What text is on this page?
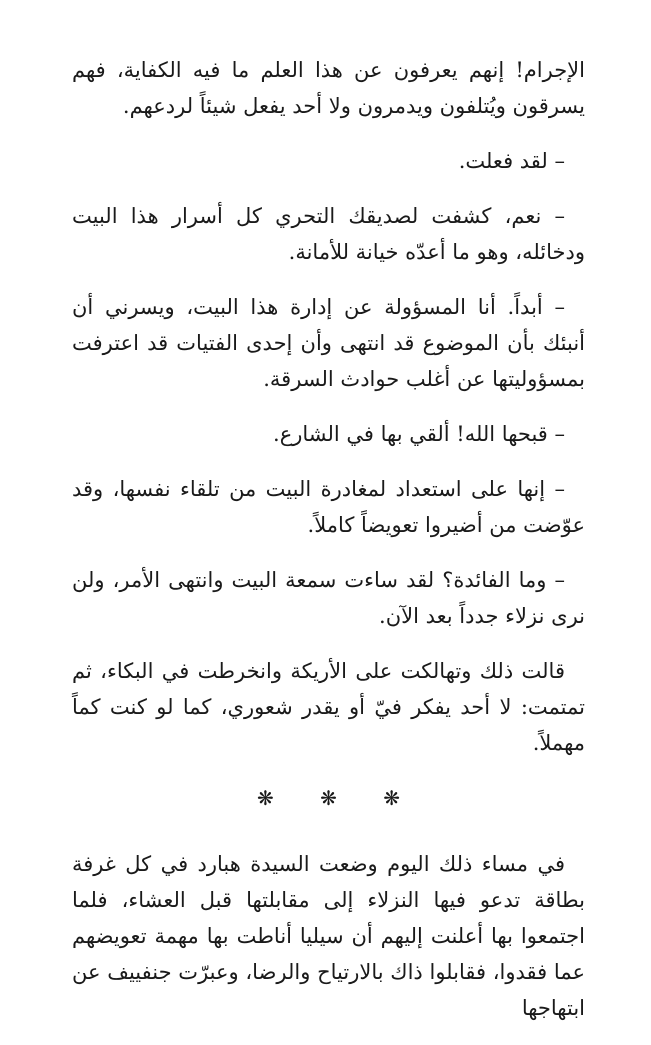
الإجرام! إنهم يعرفون عن هذا العلم ما فيه الكفاية، فهم يسرقون ويُتلفون ويدمرون ولا أحد يفعل شيئاً لردعهم.

– لقد فعلت.

– نعم، كشفت لصديقك التحري كل أسرار هذا البيت ودخائله، وهو ما أعدّه خيانة للأمانة.

– أبداً. أنا المسؤولة عن إدارة هذا البيت، ويسرني أن أنبئك بأن الموضوع قد انتهى وأن إحدى الفتيات قد اعترفت بمسؤوليتها عن أغلب حوادث السرقة.

– قبحها الله! ألقي بها في الشارع.

– إنها على استعداد لمغادرة البيت من تلقاء نفسها، وقد عوّضت من أضيروا تعويضاً كاملاً.

– وما الفائدة؟ لقد ساءت سمعة البيت وانتهى الأمر، ولن نرى نزلاء جدداً بعد الآن.

قالت ذلك وتهالكت على الأريكة وانخرطت في البكاء، ثم تمتمت: لا أحد يفكر فيّ أو يقدر شعوري، كما لو كنت كماً مهملاً.

❋ ❋ ❋

في مساء ذلك اليوم وضعت السيدة هبارد في كل غرفة بطاقة تدعو فيها النزلاء إلى مقابلتها قبل العشاء، فلما اجتمعوا بها أعلنت إليهم أن سيليا أناطت بها مهمة تعويضهم عما فقدوا، فقابلوا ذاك بالارتياح والرضا، وعبرّت جنفييف عن ابتهاجها
